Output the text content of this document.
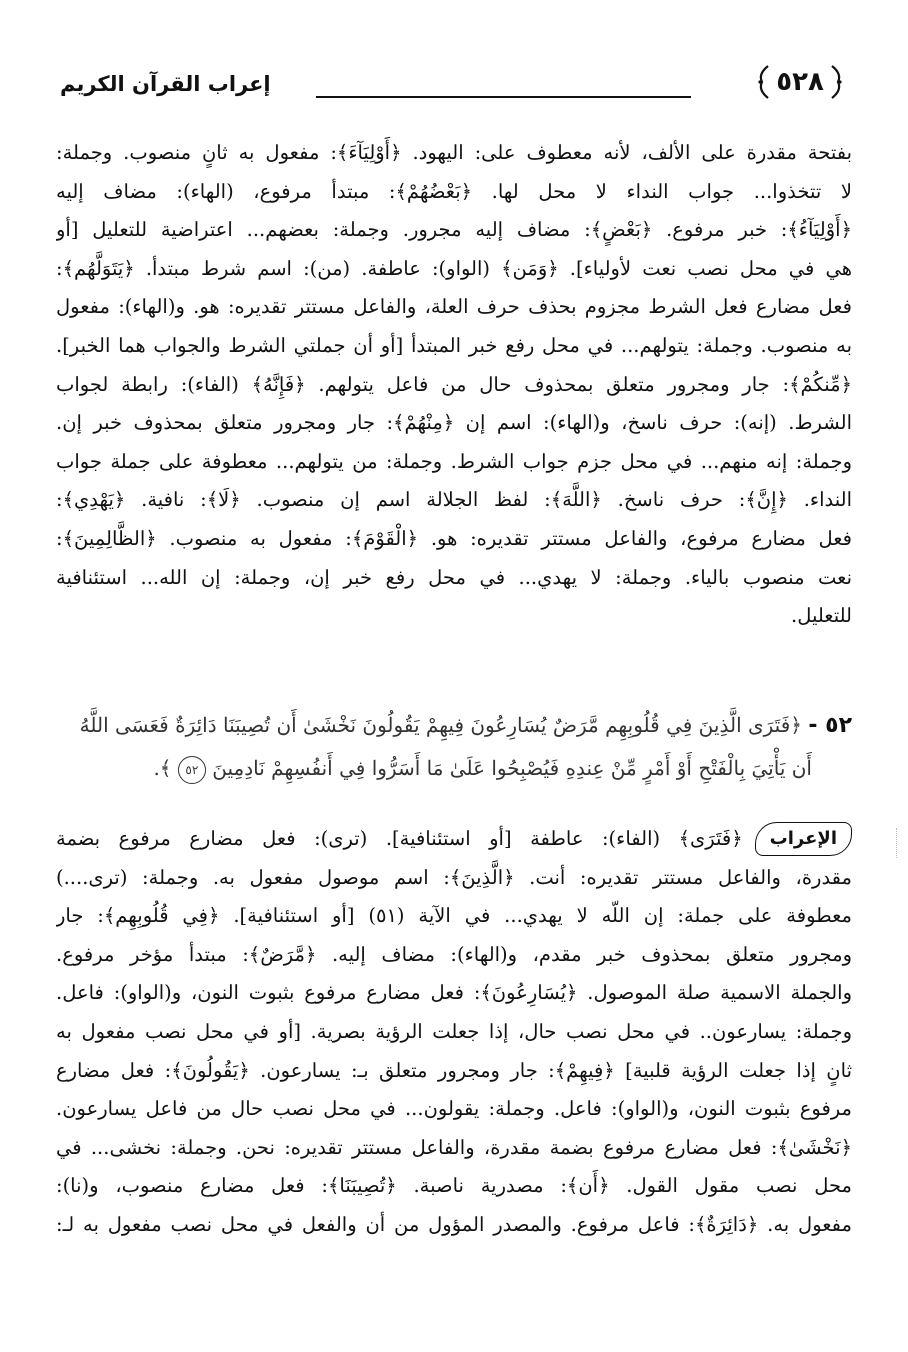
٥٢٨
إعراب القرآن الكريم
بفتحة مقدرة على الألف، لأنه معطوف على: اليهود. ﴿أَوْلِيَآءَ﴾: مفعول به ثانٍ منصوب. وجملة:
لا تتخذوا... جواب النداء لا محل لها. ﴿بَعْضُهُمْ﴾: مبتدأ مرفوع، (الهاء): مضاف إليه
﴿أَوْلِيَآءُ﴾: خبر مرفوع. ﴿بَعْضٍ﴾: مضاف إليه مجرور. وجملة: بعضهم... اعتراضية للتعليل [أو
هي في محل نصب نعت لأولياء]. ﴿وَمَن﴾ (الواو): عاطفة. (من): اسم شرط مبتدأ. ﴿يَتَوَلَّهُم﴾:
فعل مضارع فعل الشرط مجزوم بحذف حرف العلة، والفاعل مستتر تقديره: هو. و(الهاء): مفعول
به منصوب. وجملة: يتولهم... في محل رفع خبر المبتدأ [أو أن جملتي الشرط والجواب هما الخبر].
﴿مِّنكُمْ﴾: جار ومجرور متعلق بمحذوف حال من فاعل يتولهم. ﴿فَإِنَّهُ﴾ (الفاء): رابطة لجواب
الشرط. (إنه): حرف ناسخ، و(الهاء): اسم إن ﴿مِنْهُمْ﴾: جار ومجرور متعلق بمحذوف خبر إن.
وجملة: إنه منهم... في محل جزم جواب الشرط. وجملة: من يتولهم... معطوفة على جملة جواب
النداء. ﴿إِنَّ﴾: حرف ناسخ. ﴿اللَّهَ﴾: لفظ الجلالة اسم إن منصوب. ﴿لَا﴾: نافية. ﴿يَهْدِي﴾:
فعل مضارع مرفوع، والفاعل مستتر تقديره: هو. ﴿الْقَوْمَ﴾: مفعول به منصوب. ﴿الظَّالِمِينَ﴾:
نعت منصوب بالياء. وجملة: لا يهدي... في محل رفع خبر إن، وجملة: إن الله... استئنافية
للتعليل.
٥٢ - ﴿فَتَرَى الَّذِينَ فِي قُلُوبِهِم مَّرَضٌ يُسَارِعُونَ فِيهِمْ يَقُولُونَ نَخْشَىٰ أَن تُصِيبَنَا دَائِرَةٌ فَعَسَى اللَّهُ
أَن يَأْتِيَ بِالْفَتْحِ أَوْ أَمْرٍ مِّنْ عِندِهِ فَيُصْبِحُوا عَلَىٰ مَا أَسَرُّوا فِي أَنفُسِهِمْ نَادِمِينَ ٥٢ ﴾.
الإعراب
﴿فَتَرَى﴾ (الفاء): عاطفة [أو استئنافية]. (ترى): فعل مضارع مرفوع بضمة
مقدرة، والفاعل مستتر تقديره: أنت. ﴿الَّذِينَ﴾: اسم موصول مفعول به. وجملة: (ترى....)
معطوفة على جملة: إن اللّه لا يهدي... في الآية (٥١) [أو استئنافية]. ﴿فِي قُلُوبِهِم﴾: جار
ومجرور متعلق بمحذوف خبر مقدم، و(الهاء): مضاف إليه. ﴿مَّرَضٌ﴾: مبتدأ مؤخر مرفوع.
والجملة الاسمية صلة الموصول. ﴿يُسَارِعُونَ﴾: فعل مضارع مرفوع بثبوت النون، و(الواو): فاعل.
وجملة: يسارعون.. في محل نصب حال، إذا جعلت الرؤية بصرية. [أو في محل نصب مفعول به
ثانٍ إذا جعلت الرؤية قلبية] ﴿فِيهِمْ﴾: جار ومجرور متعلق بـ: يسارعون. ﴿يَقُولُونَ﴾: فعل مضارع
مرفوع بثبوت النون، و(الواو): فاعل. وجملة: يقولون... في محل نصب حال من فاعل يسارعون.
﴿نَخْشَىٰ﴾: فعل مضارع مرفوع بضمة مقدرة، والفاعل مستتر تقديره: نحن. وجملة: نخشى... في
محل نصب مقول القول. ﴿أَن﴾: مصدرية ناصبة. ﴿تُصِيبَنَا﴾: فعل مضارع منصوب، و(نا):
مفعول به. ﴿دَائِرَةٌ﴾: فاعل مرفوع. والمصدر المؤول من أن والفعل في محل نصب مفعول به لـ:
